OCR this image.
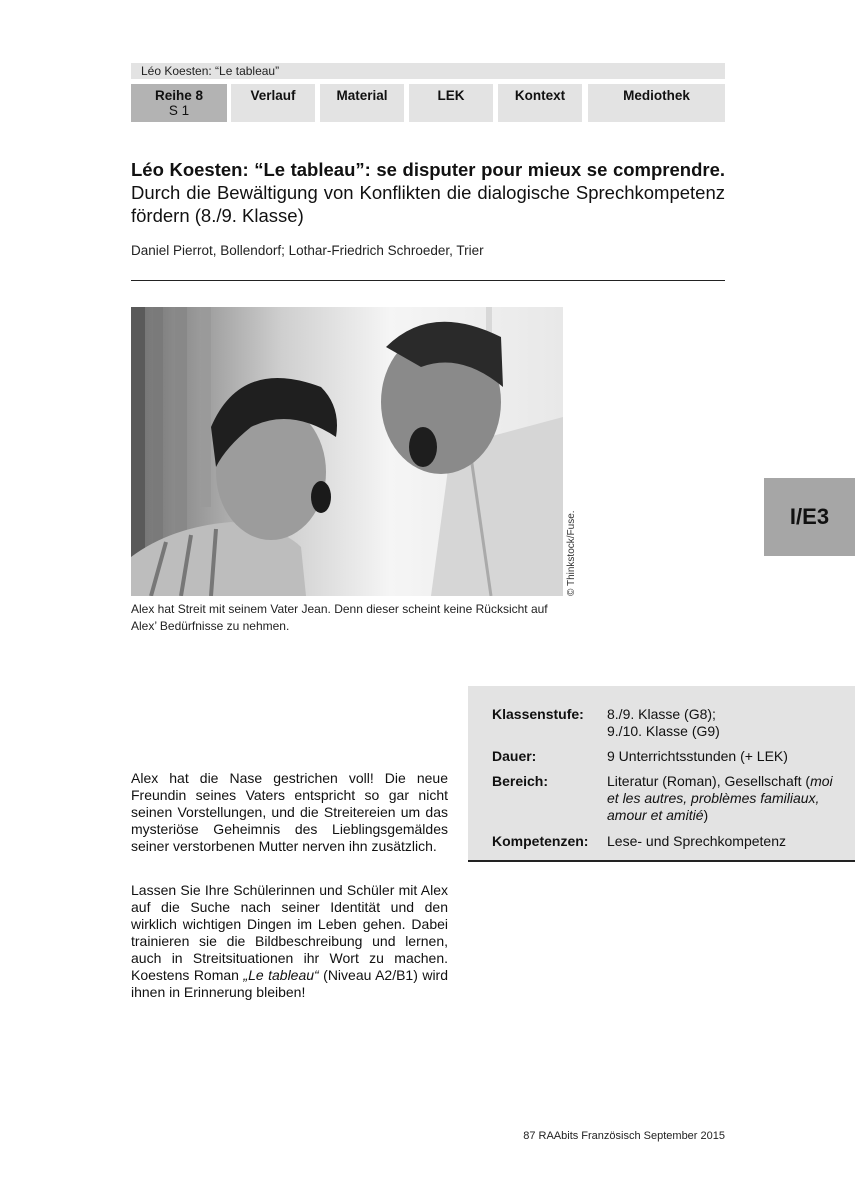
Léo Koesten: “Le tableau”
Reihe 8
S 1
Verlauf	Material	LEK	Kontext	Mediothek
Léo Koesten: “Le tableau”: se disputer pour mieux se comprendre. Durch die Bewältigung von Konflikten die dialogische Sprechkompetenz fördern (8./9. Klasse)
Daniel Pierrot, Bollendorf; Lothar-Friedrich Schroeder, Trier
© Thinkstock/Fuse.
Alex hat Streit mit seinem Vater Jean. Denn dieser scheint keine Rücksicht auf Alex’ Bedürfnisse zu nehmen.
I/E3
Klassenstufe:	8./9. Klasse (G8);
9./10. Klasse (G9)
Dauer:	9 Unterrichtsstunden (+ LEK)
Bereich:	Literatur (Roman), Gesellschaft (moi et les autres, problèmes familiaux, amour et amitié)
Kompetenzen:	Lese- und Sprechkompetenz
Alex hat die Nase gestrichen voll! Die neue Freundin seines Vaters entspricht so gar nicht seinen Vorstellungen, und die Streitereien um das mysteriöse Geheimnis des Lieblingsgemäldes seiner verstorbenen Mutter nerven ihn zusätzlich.
Lassen Sie Ihre Schülerinnen und Schüler mit Alex auf die Suche nach seiner Identität und den wirklich wichtigen Dingen im Leben gehen. Dabei trainieren sie die Bildbeschreibung und lernen, auch in Streitsituationen ihr Wort zu machen. Koestens Roman „Le tableau“ (Niveau A2/B1) wird ihnen in Erinnerung bleiben!
87 RAAbits Französisch September 2015
